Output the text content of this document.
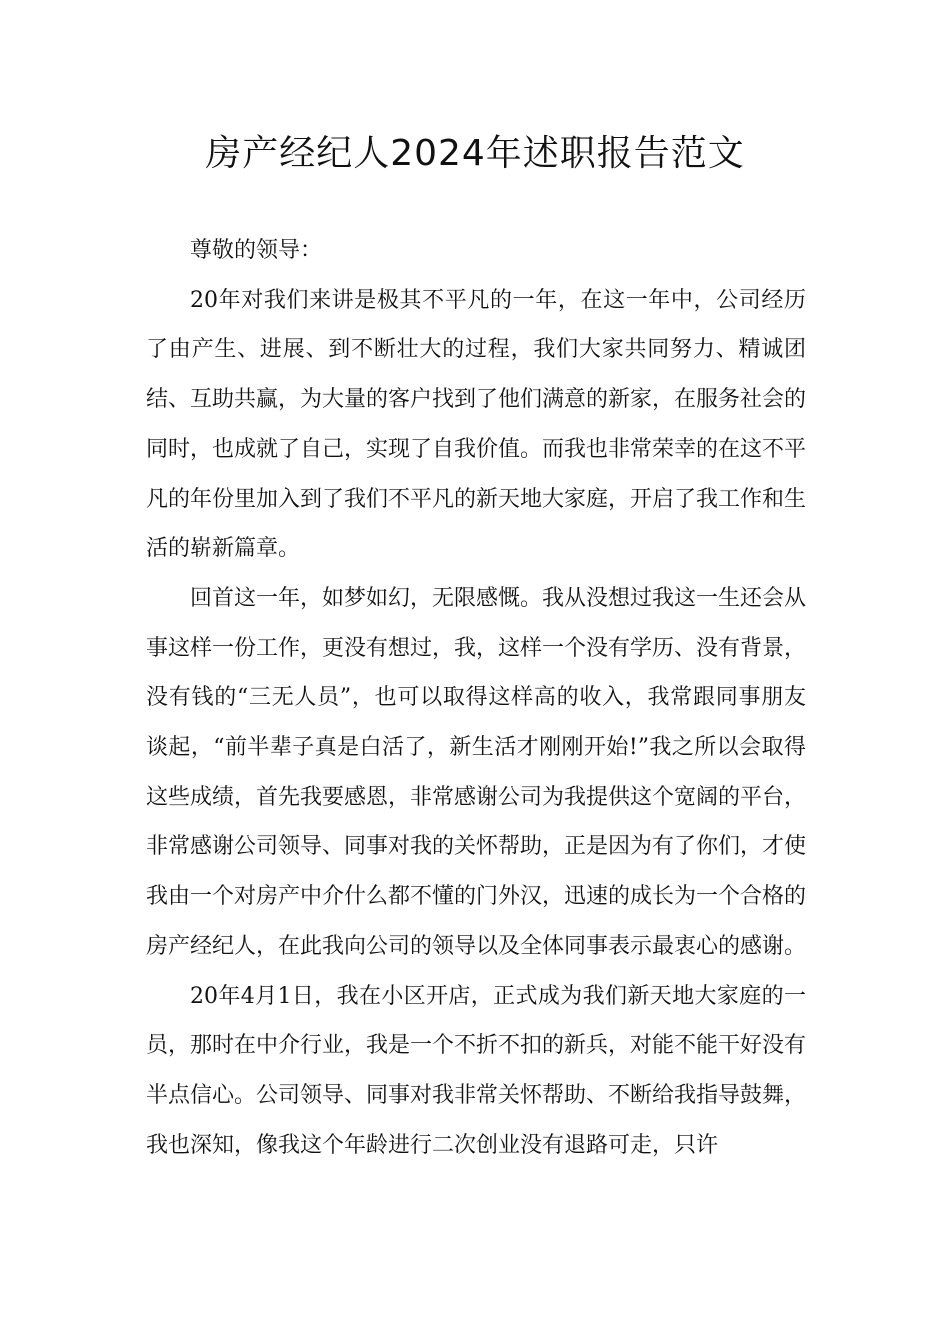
房产经纪人2024年述职报告范文

尊敬的领导：

20年对我们来讲是极其不平凡的一年，在这一年中，公司经历了由产生、进展、到不断壮大的过程，我们大家共同努力、精诚团结、互助共赢，为大量的客户找到了他们满意的新家，在服务社会的同时，也成就了自己，实现了自我价值。而我也非常荣幸的在这不平凡的年份里加入到了我们不平凡的新天地大家庭，开启了我工作和生活的崭新篇章。

回首这一年，如梦如幻，无限感慨。我从没想过我这一生还会从事这样一份工作，更没有想过，我，这样一个没有学历、没有背景，没有钱的“三无人员”，也可以取得这样高的收入，我常跟同事朋友谈起，“前半辈子真是白活了，新生活才刚刚开始!”我之所以会取得这些成绩，首先我要感恩，非常感谢公司为我提供这个宽阔的平台，非常感谢公司领导、同事对我的关怀帮助，正是因为有了你们，才使我由一个对房产中介什么都不懂的门外汉，迅速的成长为一个合格的房产经纪人，在此我向公司的领导以及全体同事表示最衷心的感谢。

20年4月1日，我在小区开店，正式成为我们新天地大家庭的一员，那时在中介行业，我是一个不折不扣的新兵，对能不能干好没有半点信心。公司领导、同事对我非常关怀帮助、不断给我指导鼓舞，我也深知，像我这个年龄进行二次创业没有退路可走，只许
